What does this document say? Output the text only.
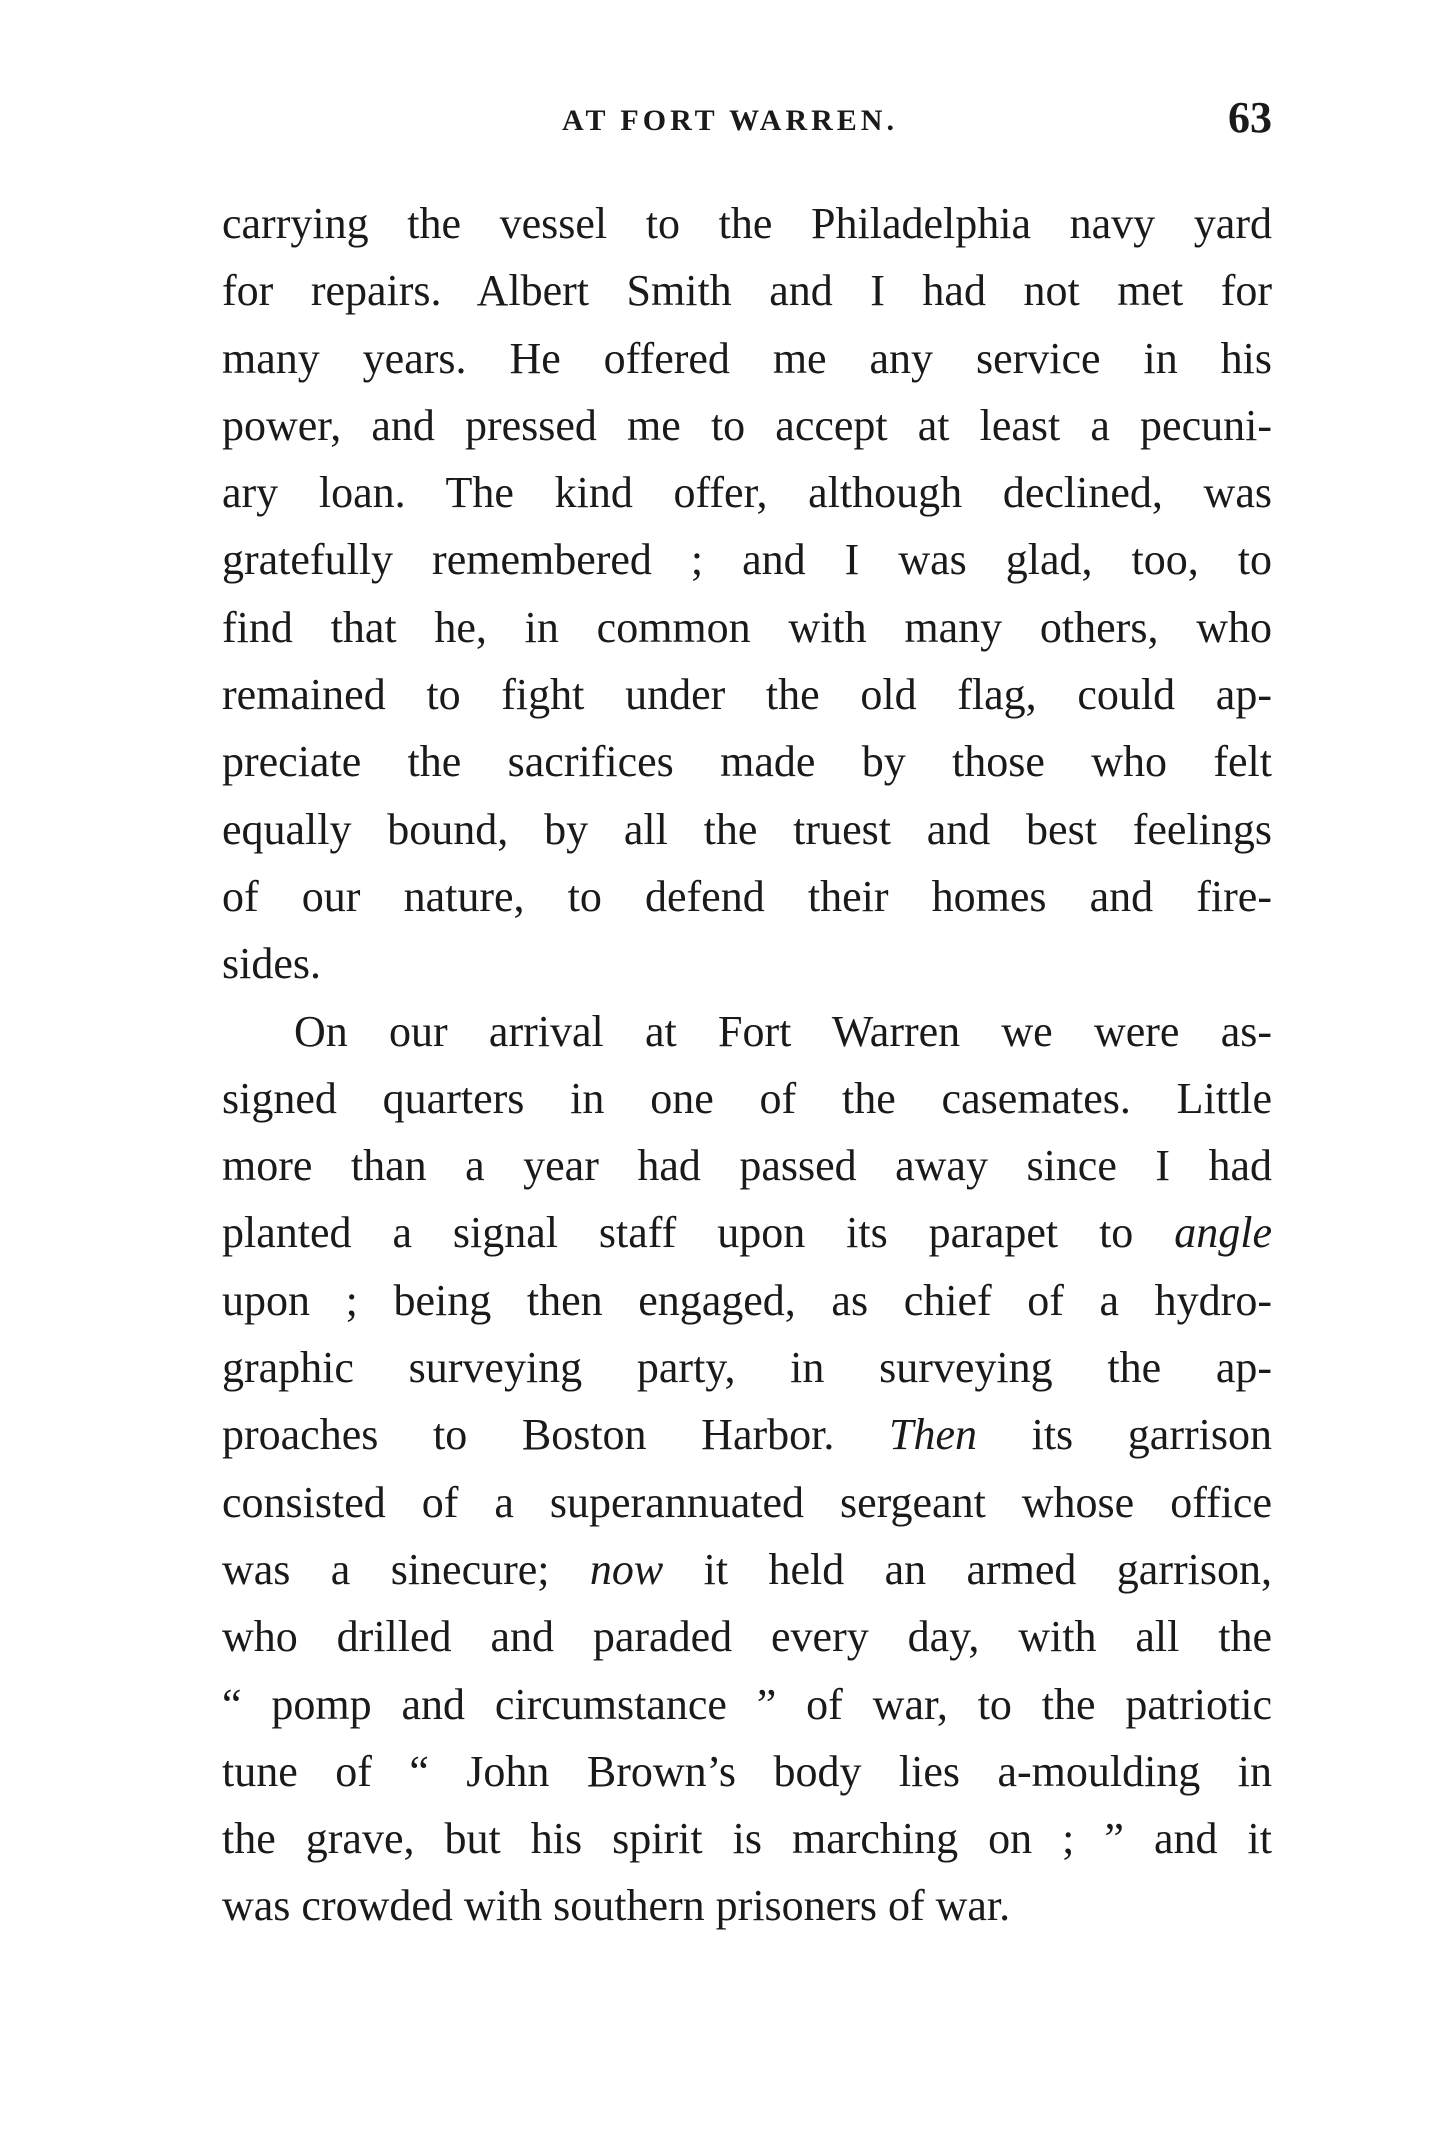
AT FORT WARREN.	63
carrying the vessel to the Philadelphia navy yard
for repairs. Albert Smith and I had not met for
many years. He offered me any service in his
power, and pressed me to accept at least a pecuni-
ary loan. The kind offer, although declined, was
gratefully remembered ; and I was glad, too, to
find that he, in common with many others, who
remained to fight under the old flag, could ap-
preciate the sacrifices made by those who felt
equally bound, by all the truest and best feelings
of our nature, to defend their homes and fire-
sides.
On our arrival at Fort Warren we were as-
signed quarters in one of the casemates. Little
more than a year had passed away since I had
planted a signal staff upon its parapet to angle
upon ; being then engaged, as chief of a hydro-
graphic surveying party, in surveying the ap-
proaches to Boston Harbor. Then its garrison
consisted of a superannuated sergeant whose office
was a sinecure; now it held an armed garrison,
who drilled and paraded every day, with all the
“ pomp and circumstance ” of war, to the patriotic
tune of “ John Brown’s body lies a-moulding in
the grave, but his spirit is marching on ; ” and it
was crowded with southern prisoners of war.
